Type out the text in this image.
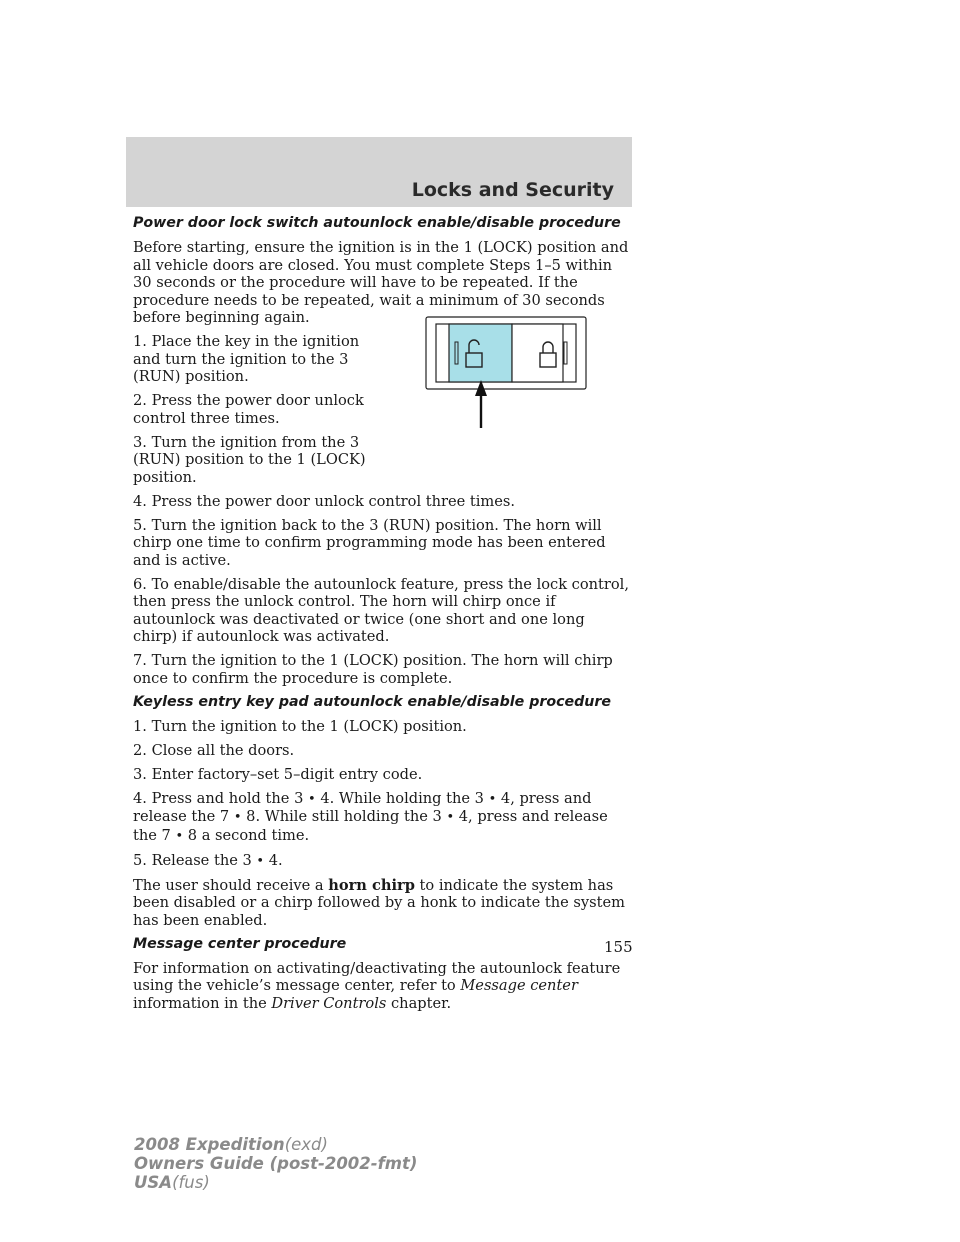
Locks and Security

Power door lock switch autounlock enable/disable procedure

Before starting, ensure the ignition is in the 1 (LOCK) position and all vehicle doors are closed. You must complete Steps 1–5 within 30 seconds or the procedure will have to be repeated. If the procedure needs to be repeated, wait a minimum of 30 seconds before beginning again.

1. Place the key in the ignition and turn the ignition to the 3 (RUN) position.

2. Press the power door unlock control three times.

3. Turn the ignition from the 3 (RUN) position to the 1 (LOCK) position.

4. Press the power door unlock control three times.

5. Turn the ignition back to the 3 (RUN) position. The horn will chirp one time to confirm programming mode has been entered and is active.

6. To enable/disable the autounlock feature, press the lock control, then press the unlock control. The horn will chirp once if autounlock was deactivated or twice (one short and one long chirp) if autounlock was activated.

7. Turn the ignition to the 1 (LOCK) position. The horn will chirp once to confirm the procedure is complete.

Keyless entry key pad autounlock enable/disable procedure

1. Turn the ignition to the 1 (LOCK) position.

2. Close all the doors.

3. Enter factory–set 5–digit entry code.

4. Press and hold the 3 • 4. While holding the 3 • 4, press and release the 7 • 8. While still holding the 3 • 4, press and release the 7 • 8 a second time.

5. Release the 3 • 4.

The user should receive a horn chirp to indicate the system has been disabled or a chirp followed by a honk to indicate the system has been enabled.

Message center procedure

For information on activating/deactivating the autounlock feature using the vehicle’s message center, refer to Message center information in the Driver Controls chapter.

155
2008 Expedition(exd)
Owners Guide (post-2002-fmt)
USA(fus)
